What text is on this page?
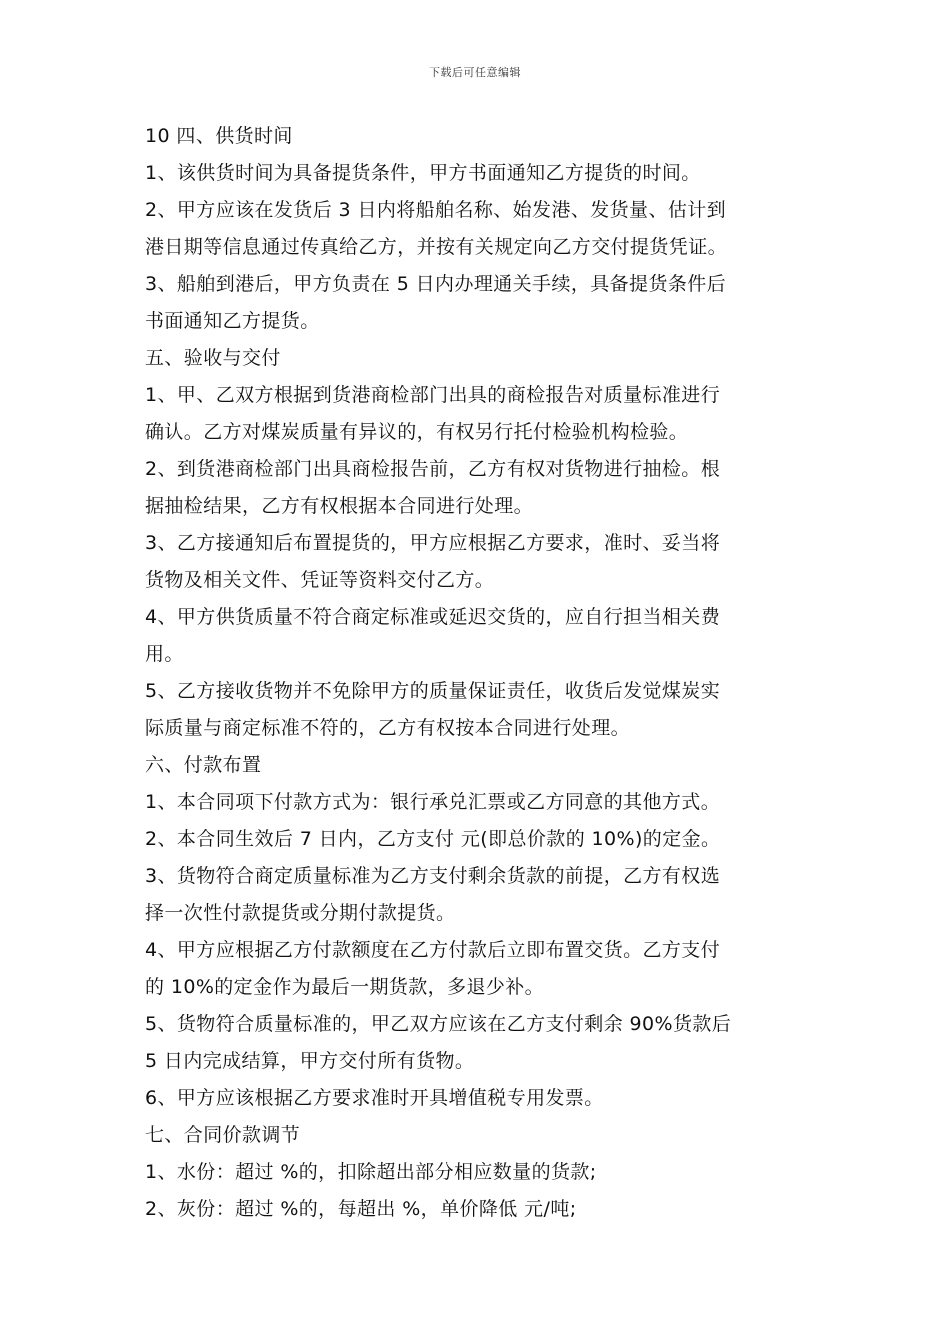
下载后可任意编辑
10 四、供货时间
1、该供货时间为具备提货条件，甲方书面通知乙方提货的时间。
2、甲方应该在发货后 3 日内将船舶名称、始发港、发货量、估计到
港日期等信息通过传真给乙方，并按有关规定向乙方交付提货凭证。
3、船舶到港后，甲方负责在 5 日内办理通关手续，具备提货条件后
书面通知乙方提货。
五、验收与交付
1、甲、乙双方根据到货港商检部门出具的商检报告对质量标准进行
确认。乙方对煤炭质量有异议的，有权另行托付检验机构检验。
2、到货港商检部门出具商检报告前，乙方有权对货物进行抽检。根
据抽检结果，乙方有权根据本合同进行处理。
3、乙方接通知后布置提货的，甲方应根据乙方要求，准时、妥当将
货物及相关文件、凭证等资料交付乙方。
4、甲方供货质量不符合商定标准或延迟交货的，应自行担当相关费
用。
5、乙方接收货物并不免除甲方的质量保证责任，收货后发觉煤炭实
际质量与商定标准不符的，乙方有权按本合同进行处理。
六、付款布置
1、本合同项下付款方式为：银行承兑汇票或乙方同意的其他方式。
2、本合同生效后 7 日内，乙方支付 元(即总价款的 10%)的定金。
3、货物符合商定质量标准为乙方支付剩余货款的前提，乙方有权选
择一次性付款提货或分期付款提货。
4、甲方应根据乙方付款额度在乙方付款后立即布置交货。乙方支付
的 10%的定金作为最后一期货款，多退少补。
5、货物符合质量标准的，甲乙双方应该在乙方支付剩余 90%货款后
5 日内完成结算，甲方交付所有货物。
6、甲方应该根据乙方要求准时开具增值税专用发票。
七、合同价款调节
1、水份：超过 %的，扣除超出部分相应数量的货款;
2、灰份：超过 %的，每超出 %，单价降低 元/吨;
